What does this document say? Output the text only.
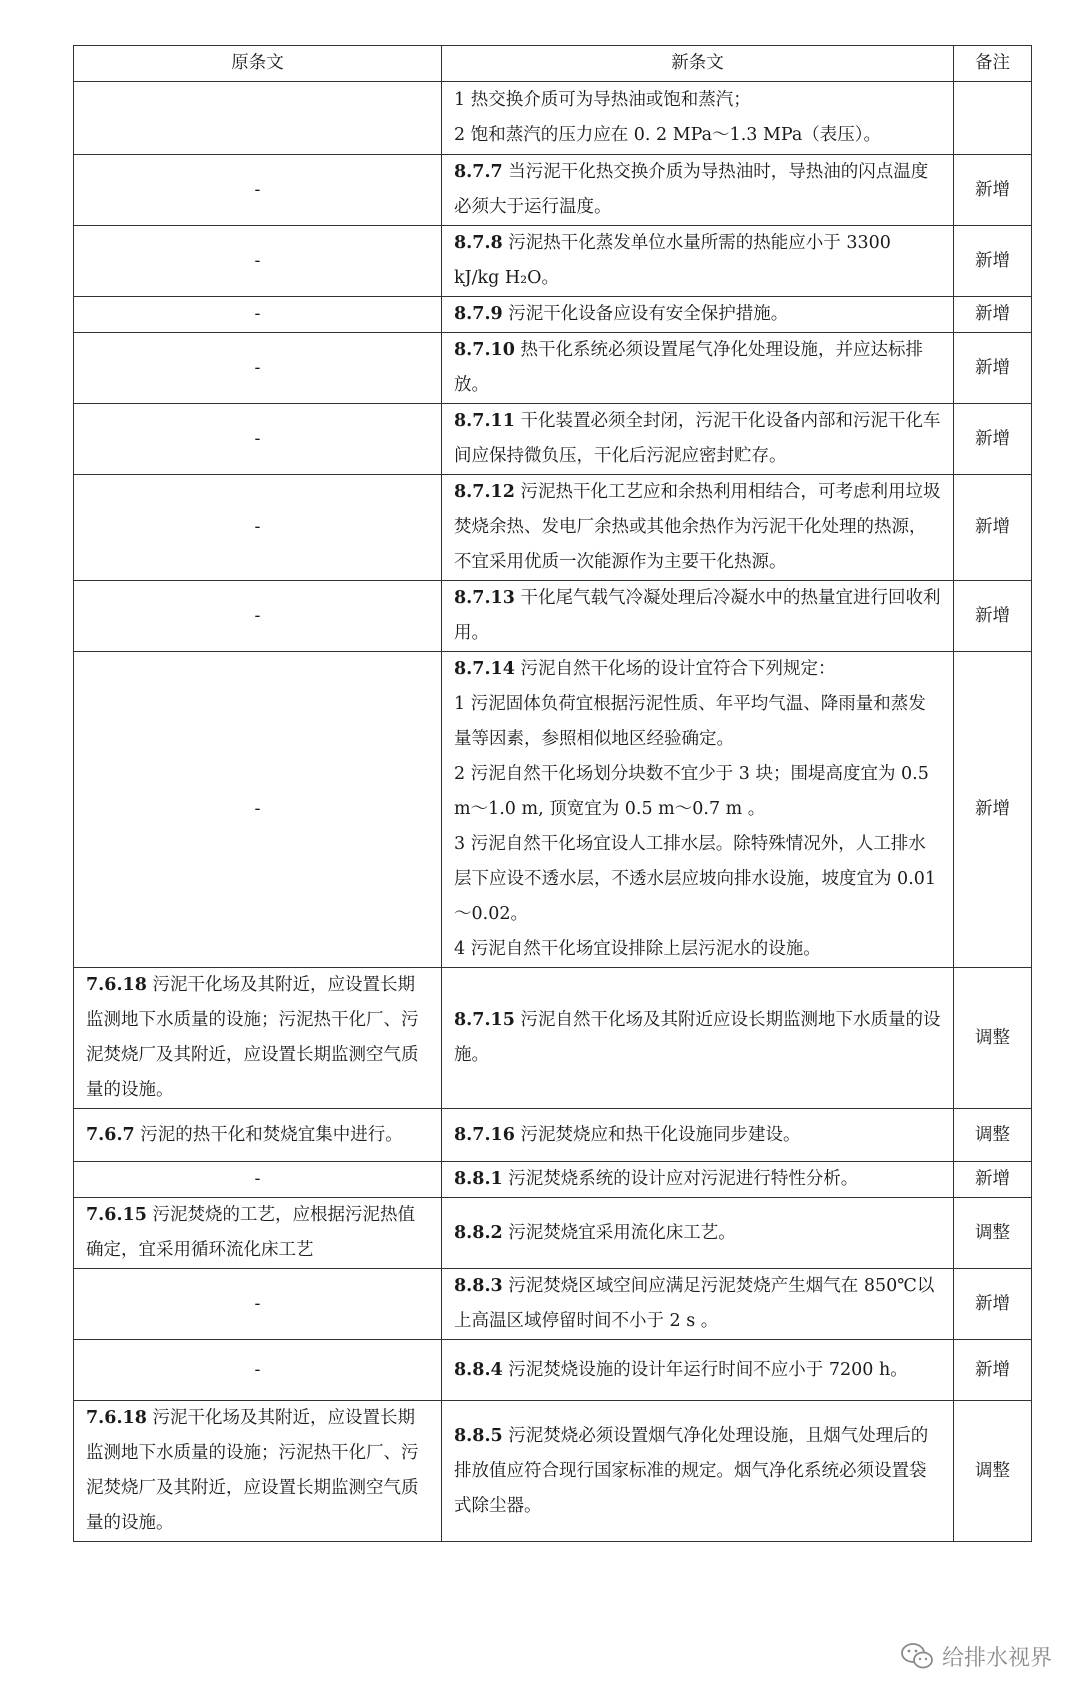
原条文	新条文	备注

	1 热交换介质可为导热油或饱和蒸汽；
2 饱和蒸汽的压力应在 0. 2 MPa～1.3 MPa（表压）。	

-	8.7.7 当污泥干化热交换介质为导热油时，导热油的闪点温度必须大于运行温度。	新增
-	8.7.8 污泥热干化蒸发单位水量所需的热能应小于 3300 kJ/kg H₂O。	新增
-	8.7.9 污泥干化设备应设有安全保护措施。	新增
-	8.7.10 热干化系统必须设置尾气净化处理设施，并应达标排放。	新增
-	8.7.11 干化装置必须全封闭，污泥干化设备内部和污泥干化车间应保持微负压，干化后污泥应密封贮存。	新增
-	8.7.12 污泥热干化工艺应和余热利用相结合，可考虑利用垃圾焚烧余热、发电厂余热或其他余热作为污泥干化处理的热源，不宜采用优质一次能源作为主要干化热源。	新增
-	8.7.13 干化尾气载气冷凝处理后冷凝水中的热量宜进行回收利用。	新增
-	8.7.14 污泥自然干化场的设计宜符合下列规定：
1 污泥固体负荷宜根据污泥性质、年平均气温、降雨量和蒸发量等因素，参照相似地区经验确定。
2 污泥自然干化场划分块数不宜少于 3 块；围堤高度宜为 0.5 m～1.0 m, 顶宽宜为 0.5 m～0.7 m 。
3 污泥自然干化场宜设人工排水层。除特殊情况外，人工排水层下应设不透水层，不透水层应坡向排水设施，坡度宜为 0.01～0.02。
4 污泥自然干化场宜设排除上层污泥水的设施。	新增
7.6.18 污泥干化场及其附近，应设置长期监测地下水质量的设施；污泥热干化厂、污泥焚烧厂及其附近，应设置长期监测空气质量的设施。	8.7.15 污泥自然干化场及其附近应设长期监测地下水质量的设施。	调整
7.6.7 污泥的热干化和焚烧宜集中进行。	8.7.16 污泥焚烧应和热干化设施同步建设。	调整
-	8.8.1 污泥焚烧系统的设计应对污泥进行特性分析。	新增
7.6.15 污泥焚烧的工艺，应根据污泥热值确定，宜采用循环流化床工艺	8.8.2 污泥焚烧宜采用流化床工艺。	调整
-	8.8.3 污泥焚烧区域空间应满足污泥焚烧产生烟气在 850℃以上高温区域停留时间不小于 2 s 。	新增
-	8.8.4 污泥焚烧设施的设计年运行时间不应小于 7200 h。	新增
7.6.18 污泥干化场及其附近，应设置长期监测地下水质量的设施；污泥热干化厂、污泥焚烧厂及其附近，应设置长期监测空气质量的设施。	8.8.5 污泥焚烧必须设置烟气净化处理设施，且烟气处理后的排放值应符合现行国家标准的规定。烟气净化系统必须设置袋式除尘器。	调整
给排水视界
